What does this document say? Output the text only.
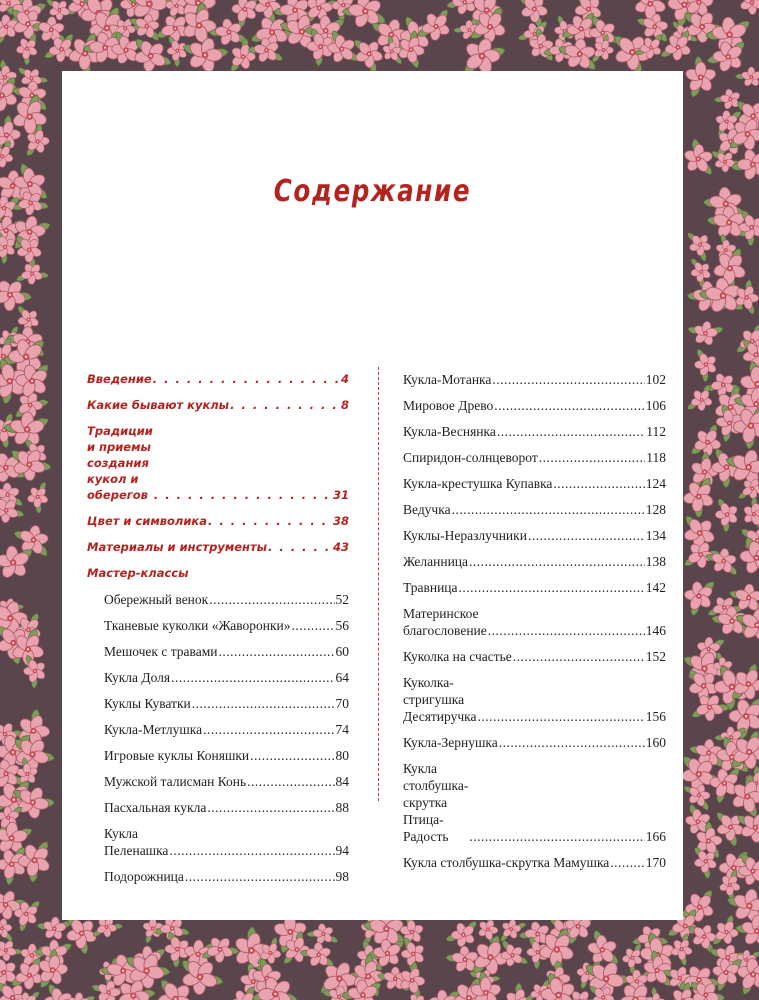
Содержание
Введение . . .	4
Какие бывают куклы . . .	8
Традиции и приемы
создания кукол и оберегов . . .	31
Цвет и символика . . .	38
Материалы и инструменты . . .	43
Мастер-классы
Обережный венок .....	52
Тканевые куколки «Жаворонки» .....	56
Мешочек с травами .....	60
Кукла Доля .....	64
Куклы Куватки .....	70
Кукла-Метлушка .....	74
Игровые куклы Коняшки .....	80
Мужской талисман Конь .....	84
Пасхальная кукла .....	88
Кукла
Пеленашка .....	94
Подорожница .....	98
Кукла-Мотанка .....	102
Мировое Древо .....	106
Кукла-Веснянка .....	112
Спиридон-солнцеворот .....	118
Кукла-крестушка Купавка .....	124
Ведучка .....	128
Куклы-Неразлучники .....	134
Желанница .....	138
Травница .....	142
Материнское
благословение .....	146
Куколка на счастье .....	152
Куколка-стригушка
Десятиручка .....	156
Кукла-Зернушка .....	160
Кукла столбушка-скрутка
Птица-Радость .....	166
Кукла столбушка-скрутка Мамушка .....	170
